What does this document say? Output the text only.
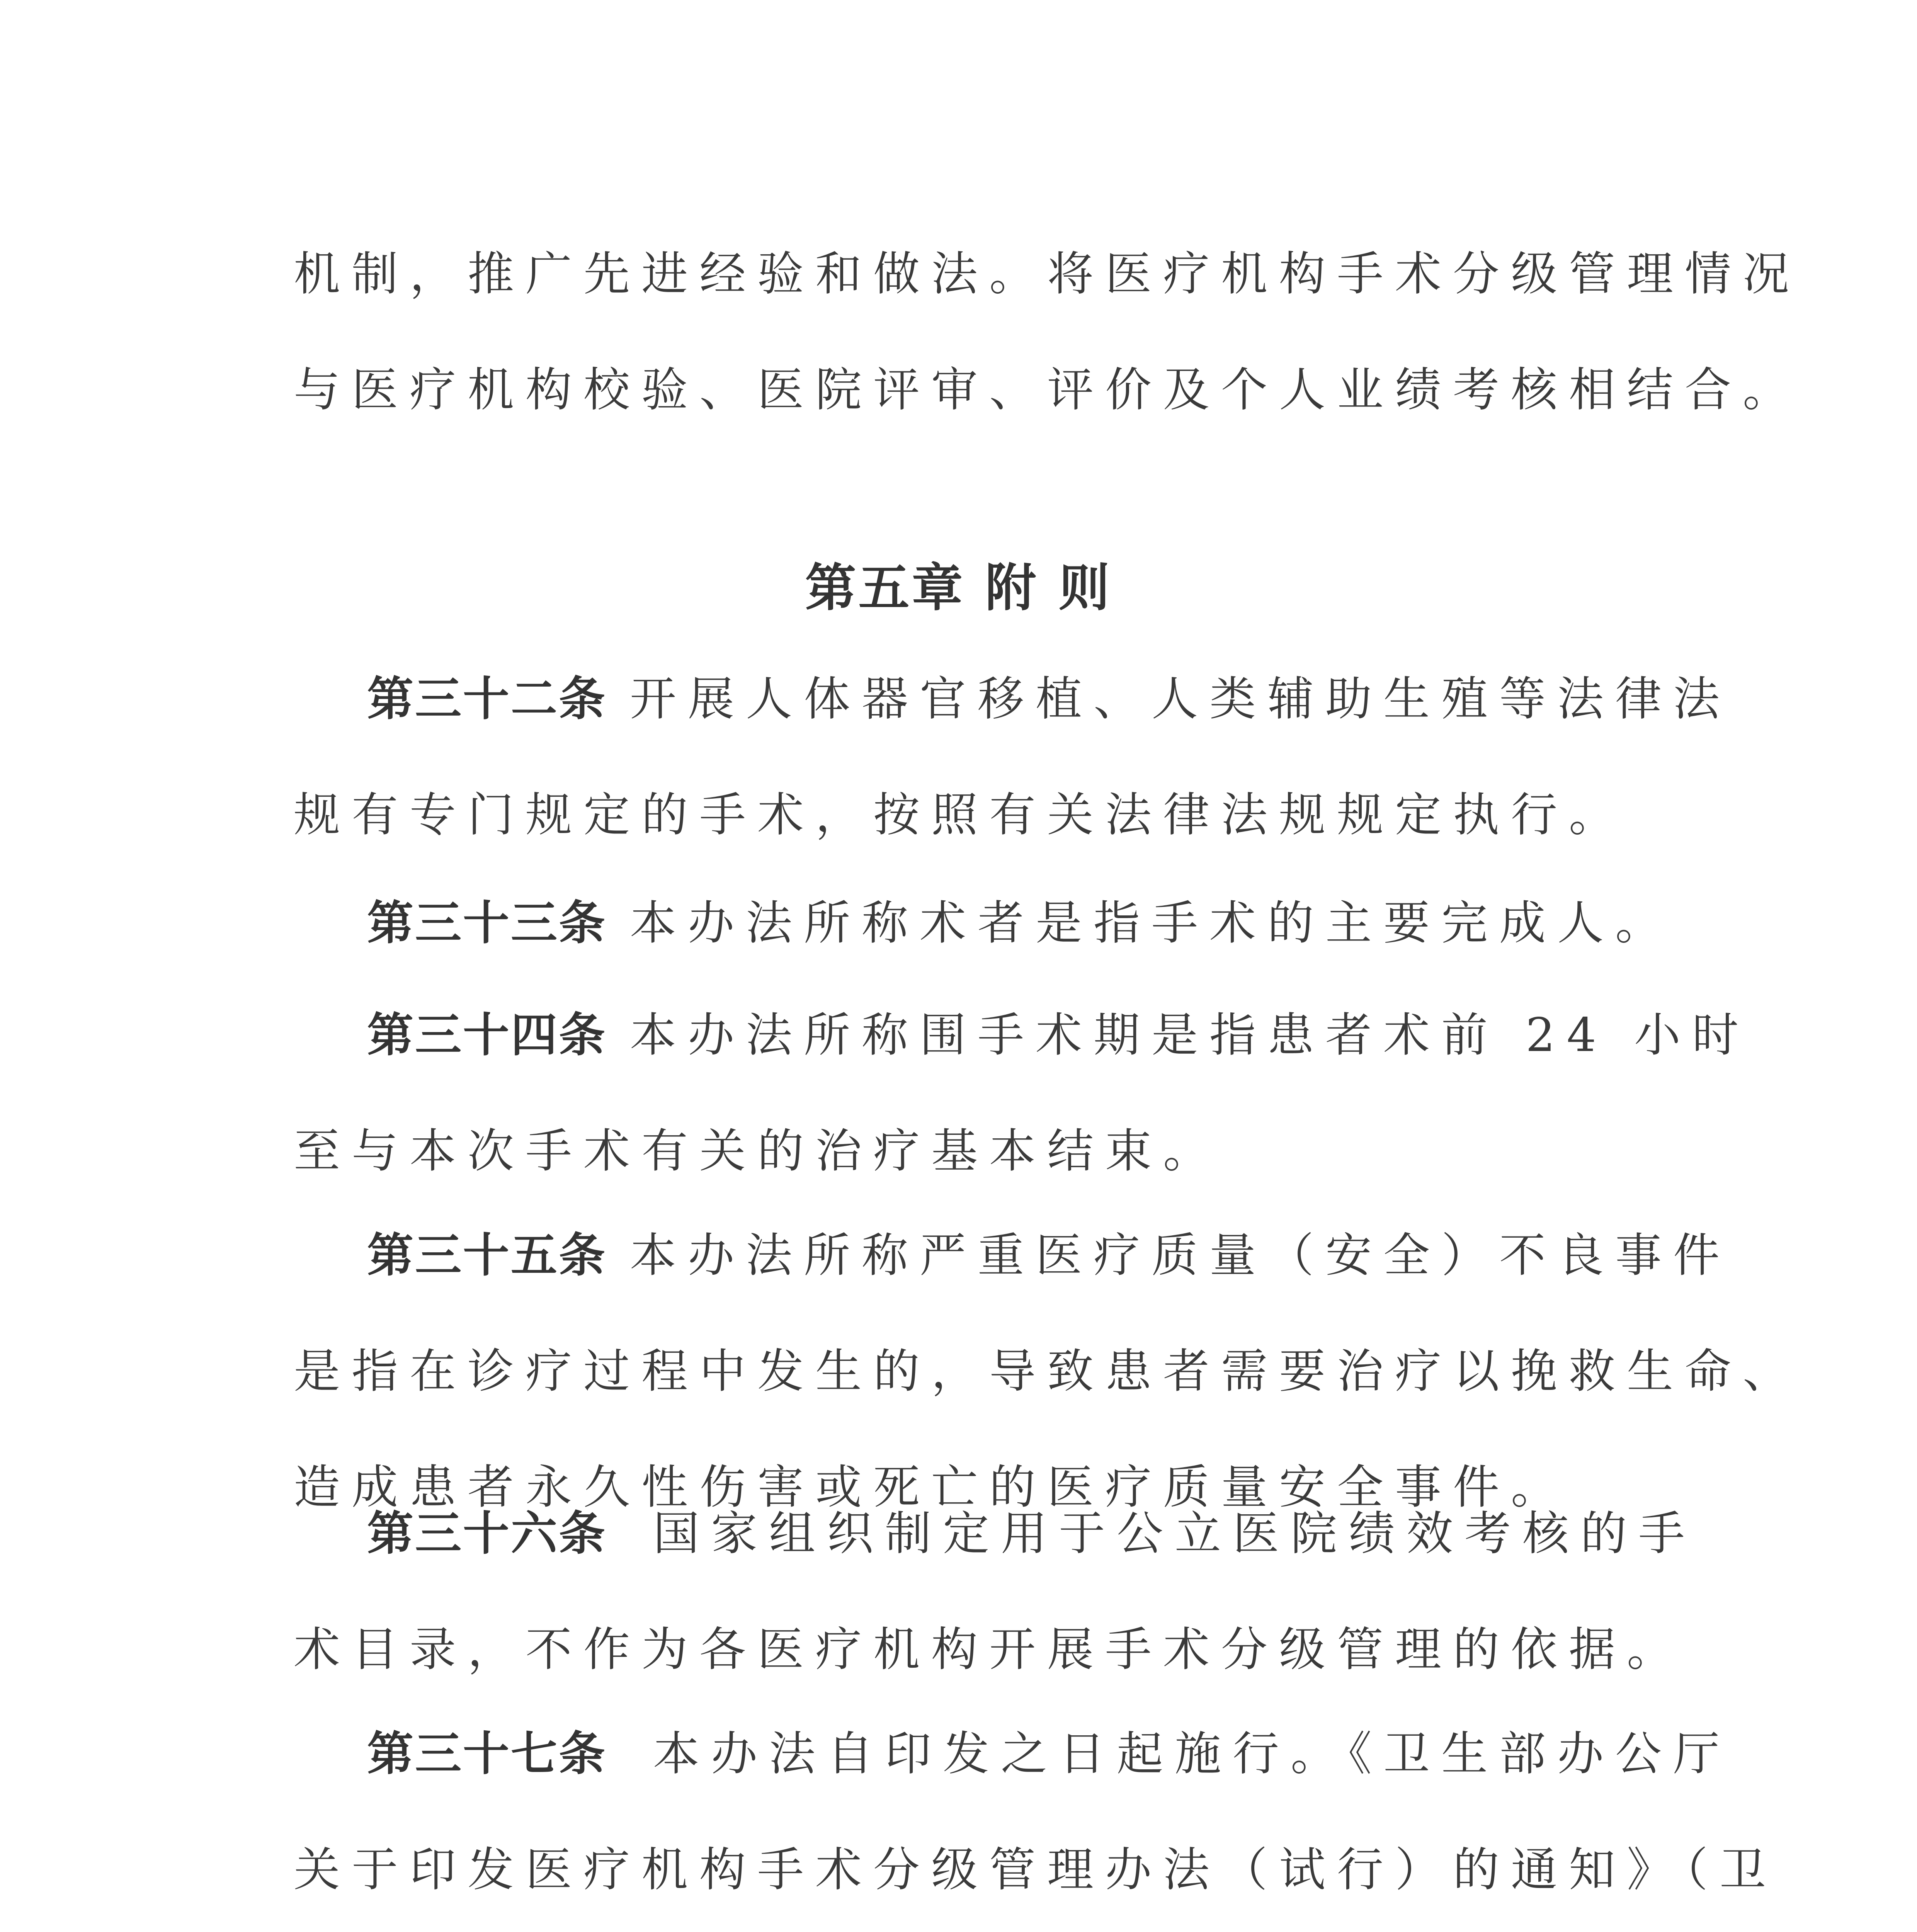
机制，推广先进经验和做法。将医疗机构手术分级管理情况
与医疗机构校验、医院评审、评价及个人业绩考核相结合。

第五章 附 则

第三十二条 开展人体器官移植、人类辅助生殖等法律法
规有专门规定的手术，按照有关法律法规规定执行。

第三十三条 本办法所称术者是指手术的主要完成人。

第三十四条 本办法所称围手术期是指患者术前 24 小时
至与本次手术有关的治疗基本结束。

第三十五条 本办法所称严重医疗质量（安全）不良事件
是指在诊疗过程中发生的，导致患者需要治疗以挽救生命、
造成患者永久性伤害或死亡的医疗质量安全事件。

第三十六条 国家组织制定用于公立医院绩效考核的手
术目录，不作为各医疗机构开展手术分级管理的依据。

第三十七条 本办法自印发之日起施行。《卫生部办公厅
关于印发医疗机构手术分级管理办法（试行）的通知》（卫
